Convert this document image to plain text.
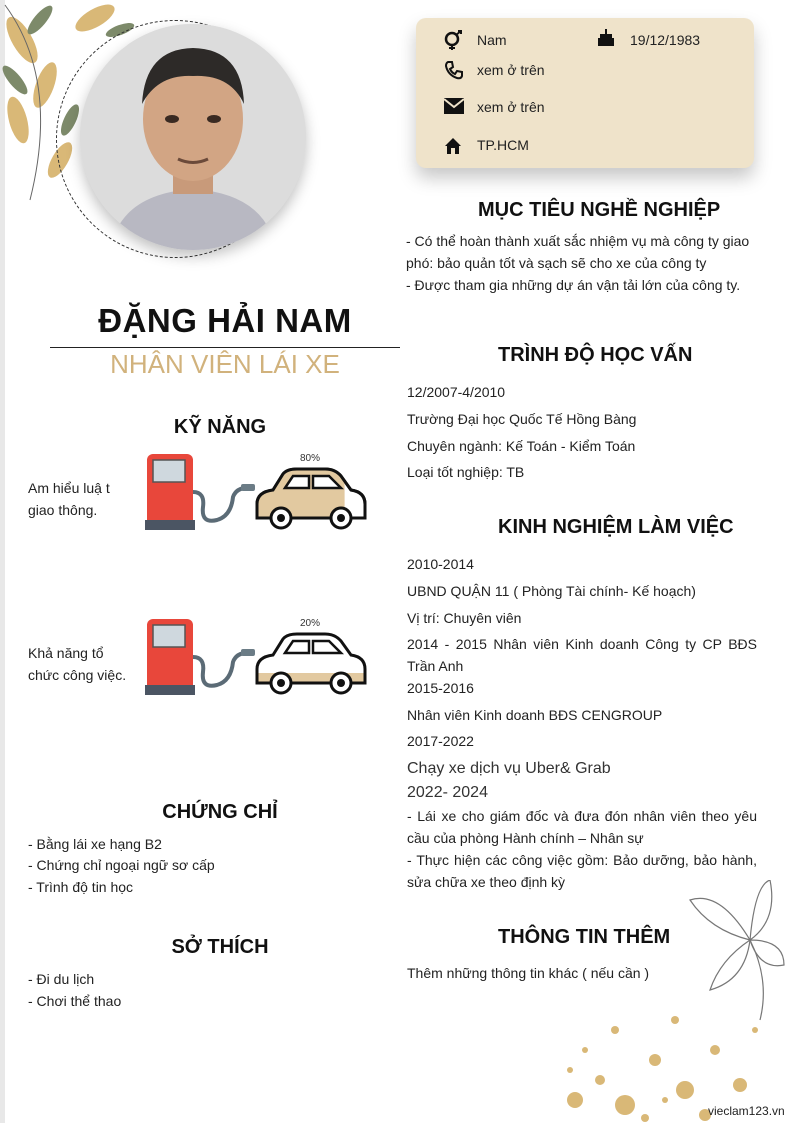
Nam	19/12/1983
xem ở trên
xem ở trên
TP.HCM
ĐẶNG HẢI NAM
NHÂN VIÊN LÁI XE
KỸ NĂNG
Am hiểu luậ t
giao thông.
80%
Khả năng tổ
chức công việc.
20%
CHỨNG CHỈ
- Bằng lái xe hạng B2
- Chứng chỉ ngoại ngữ sơ cấp
- Trình độ tin học
SỞ THÍCH
- Đi du lịch
- Chơi thể thao
MỤC TIÊU NGHỀ NGHIỆP
- Có thể hoàn thành xuất sắc nhiệm vụ mà công ty giao
phó: bảo quản tốt và sạch sẽ cho xe của công ty
- Được tham gia những dự án vận tải lớn của công ty.
TRÌNH ĐỘ HỌC VẤN
12/2007-4/2010
Trường Đại học Quốc Tế Hồng Bàng
Chuyên ngành: Kế Toán - Kiểm Toán
Loại tốt nghiệp: TB
KINH NGHIỆM LÀM VIỆC
2010-2014
UBND QUẬN 11 ( Phòng Tài chính- Kế hoạch)
Vị trí: Chuyên viên
2014 - 2015 Nhân viên Kinh doanh Công ty CP BĐS Trần Anh
2015-2016
Nhân viên Kinh doanh BĐS CENGROUP
2017-2022
Chạy xe dịch vụ Uber& Grab
2022- 2024
- Lái xe cho giám đốc và đưa đón nhân viên theo yêu cầu của phòng Hành chính – Nhân sự
- Thực hiện các công việc gồm: Bảo dưỡng, bảo hành, sửa chữa xe theo định kỳ
THÔNG TIN THÊM
Thêm những thông tin khác ( nếu cần )
vieclam123.vn
